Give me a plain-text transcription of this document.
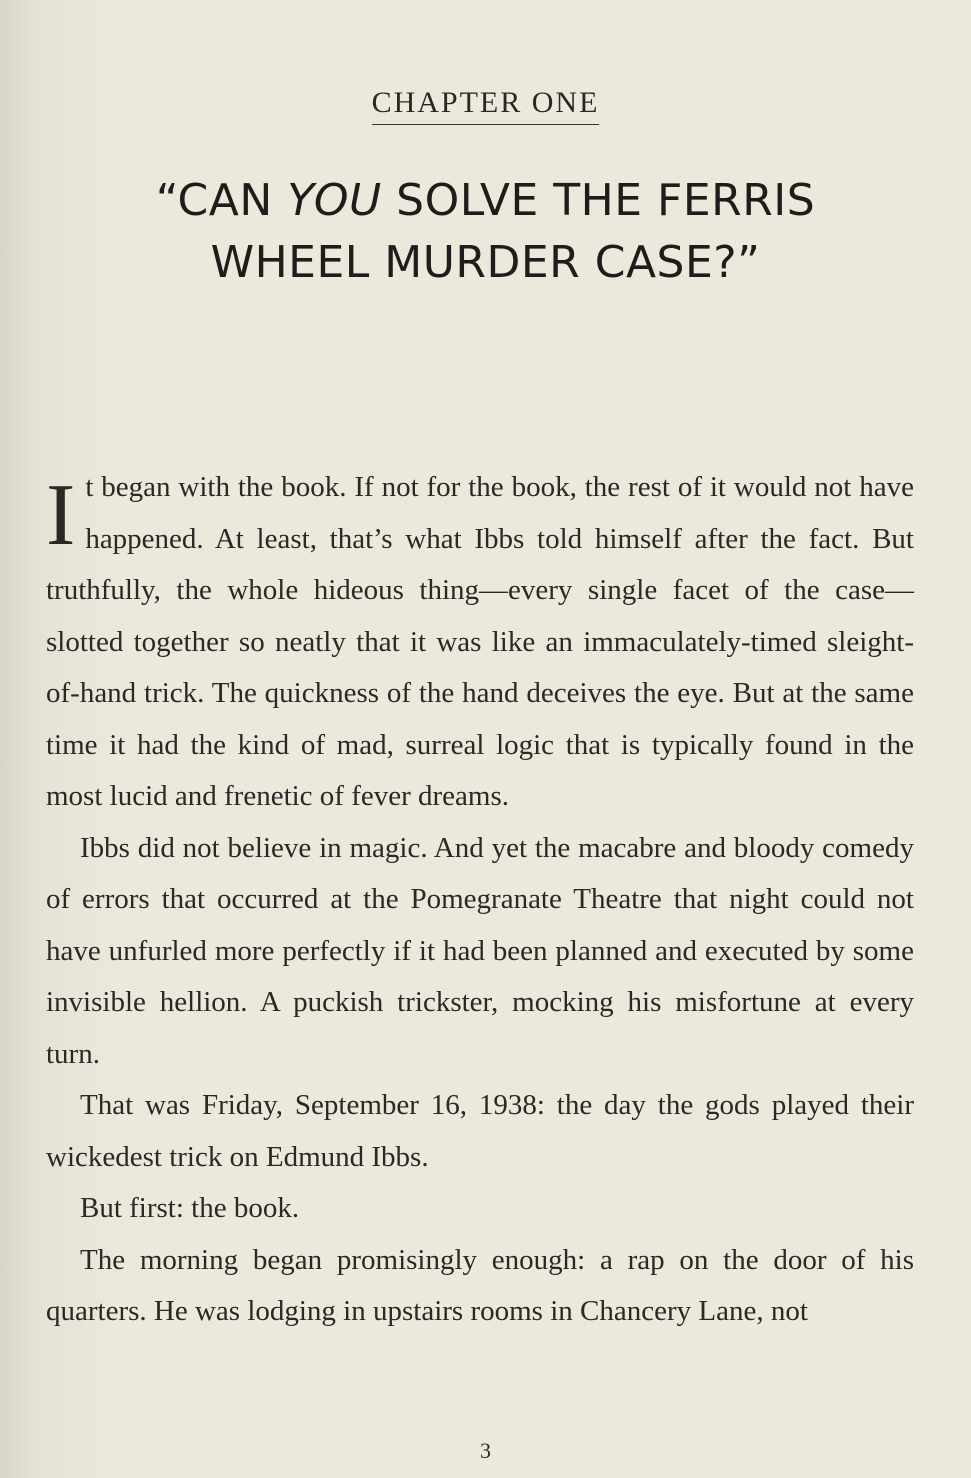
CHAPTER ONE
“CAN YOU SOLVE THE FERRIS
WHEEL MURDER CASE?”

It began with the book. If not for the book, the rest of it would not have happened. At least, that’s what Ibbs told himself after the fact. But truthfully, the whole hideous thing—every single facet of the case—slotted together so neatly that it was like an immaculately-timed sleight-of-hand trick. The quickness of the hand deceives the eye. But at the same time it had the kind of mad, surreal logic that is typically found in the most lucid and frenetic of fever dreams.

Ibbs did not believe in magic. And yet the macabre and bloody comedy of errors that occurred at the Pomegranate Theatre that night could not have unfurled more perfectly if it had been planned and executed by some invisible hellion. A puckish trickster, mocking his misfortune at every turn.

That was Friday, September 16, 1938: the day the gods played their wickedest trick on Edmund Ibbs.

But first: the book.

The morning began promisingly enough: a rap on the door of his quarters. He was lodging in upstairs rooms in Chancery Lane, not

3
